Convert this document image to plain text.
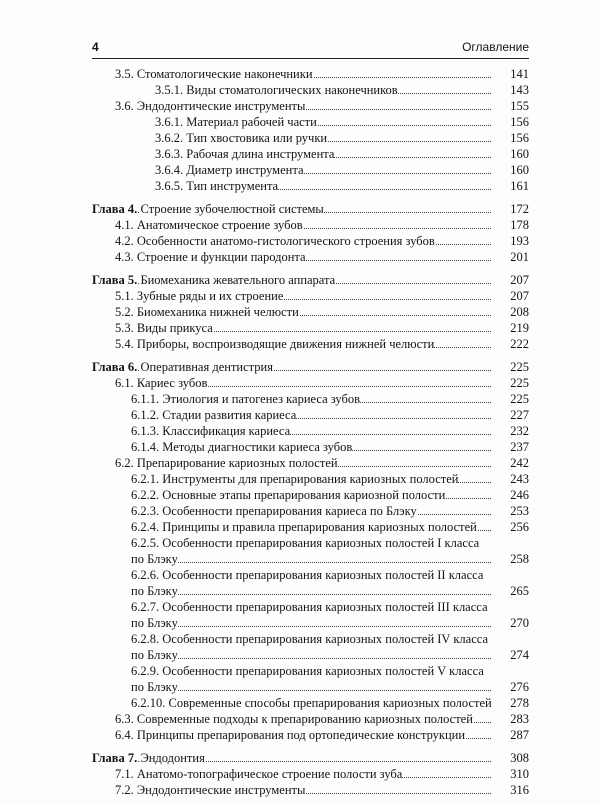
4	Оглавление
3.5. Стоматологические наконечники	141
3.5.1. Виды стоматологических наконечников	143
3.6. Эндодонтические инструменты	155
3.6.1. Материал рабочей части	156
3.6.2. Тип хвостовика или ручки	156
3.6.3. Рабочая длина инструмента	160
3.6.4. Диаметр инструмента	160
3.6.5. Тип инструмента	161
Глава 4. Строение зубочелюстной системы	172
4.1. Анатомическое строение зубов	178
4.2. Особенности анатомо-гистологического строения зубов	193
4.3. Строение и функции пародонта	201
Глава 5. Биомеханика жевательного аппарата	207
5.1. Зубные ряды и их строение	207
5.2. Биомеханика нижней челюсти	208
5.3. Виды прикуса	219
5.4. Приборы, воспроизводящие движения нижней челюсти	222
Глава 6. Оперативная дентистрия	225
6.1. Кариес зубов	225
6.1.1. Этиология и патогенез кариеса зубов	225
6.1.2. Стадии развития кариеса	227
6.1.3. Классификация кариеса	232
6.1.4. Методы диагностики кариеса зубов	237
6.2. Препарирование кариозных полостей	242
6.2.1. Инструменты для препарирования кариозных полостей	243
6.2.2. Основные этапы препарирования кариозной полости	246
6.2.3. Особенности препарирования кариеса по Блэку	253
6.2.4. Принципы и правила препарирования кариозных полостей	256
6.2.5. Особенности препарирования кариозных полостей I класса по Блэку	258
6.2.6. Особенности препарирования кариозных полостей II класса по Блэку	265
6.2.7. Особенности препарирования кариозных полостей III класса по Блэку	270
6.2.8. Особенности препарирования кариозных полостей IV класса по Блэку	274
6.2.9. Особенности препарирования кариозных полостей V класса по Блэку	276
6.2.10. Современные способы препарирования кариозных полостей	278
6.3. Современные подходы к препарированию кариозных полостей	283
6.4. Принципы препарирования под ортопедические конструкции	287
Глава 7. Эндодонтия	308
7.1. Анатомо-топографическое строение полости зуба	310
7.2. Эндодонтические инструменты	316
